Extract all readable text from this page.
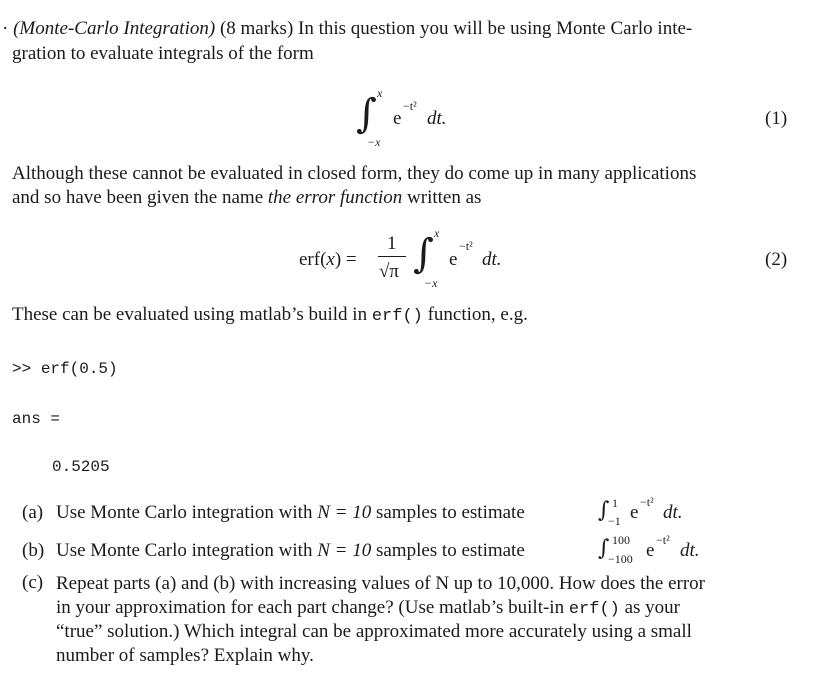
· (Monte-Carlo Integration) (8 marks) In this question you will be using Monte Carlo inte-
gration to evaluate integrals of the form
∫ x
−x
e
−t²
dt.	(1)
Although these cannot be evaluated in closed form, they do come up in many applications
and so have been given the name the error function written as
erf(x) =
1
√π ∫ x
−x
e
−t²
dt.	(2)
These can be evaluated using matlab’s build in erf() function, e.g.
>> erf(0.5)
ans =
0.5205
(a) Use Monte Carlo integration with N = 10 samples to estimate	∫ 1
−1 e −t² dt.
(b) Use Monte Carlo integration with N = 10 samples to estimate	∫ 100
−100 e −t² dt.
(c) Repeat parts (a) and (b) with increasing values of N up to 10,000. How does the error
in your approximation for each part change? (Use matlab’s built-in erf() as your
“true” solution.) Which integral can be approximated more accurately using a small
number of samples? Explain why.
